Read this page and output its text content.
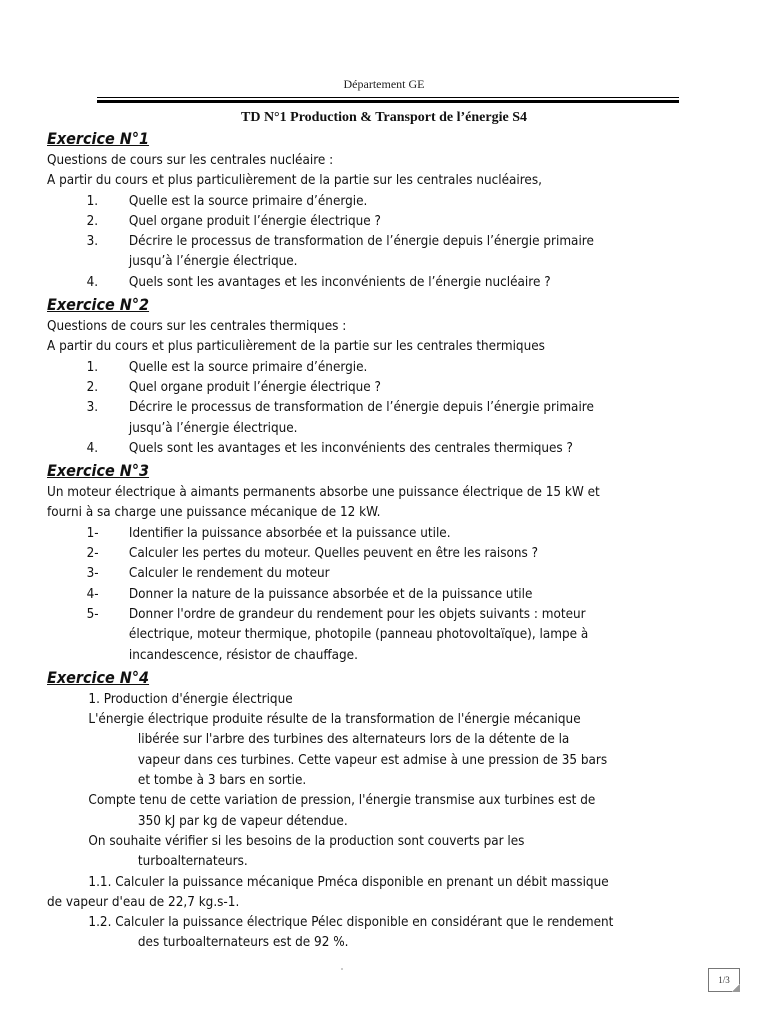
Département GE
TD N°1 Production & Transport de l’énergie S4
Exercice N°1
Questions de cours sur les centrales nucléaire :
A partir du cours et plus particulièrement de la partie sur les centrales nucléaires,
1. Quelle est la source primaire d’énergie.
2. Quel organe produit l’énergie électrique ?
3. Décrire le processus de transformation de l’énergie depuis l’énergie primaire
jusqu’à l’énergie électrique.
4. Quels sont les avantages et les inconvénients de l’énergie nucléaire ?
Exercice N°2
Questions de cours sur les centrales thermiques :
A partir du cours et plus particulièrement de la partie sur les centrales thermiques
1. Quelle est la source primaire d’énergie.
2. Quel organe produit l’énergie électrique ?
3. Décrire le processus de transformation de l’énergie depuis l’énergie primaire
jusqu’à l’énergie électrique.
4. Quels sont les avantages et les inconvénients des centrales thermiques ?
Exercice N°3
Un moteur électrique à aimants permanents absorbe une puissance électrique de 15 kW et
fourni à sa charge une puissance mécanique de 12 kW.
1- Identifier la puissance absorbée et la puissance utile.
2- Calculer les pertes du moteur. Quelles peuvent en être les raisons ?
3- Calculer le rendement du moteur
4- Donner la nature de la puissance absorbée et de la puissance utile
5- Donner l'ordre de grandeur du rendement pour les objets suivants : moteur
électrique, moteur thermique, photopile (panneau photovoltaïque), lampe à
incandescence, résistor de chauffage.
Exercice N°4
1. Production d'énergie électrique
L'énergie électrique produite résulte de la transformation de l'énergie mécanique
libérée sur l'arbre des turbines des alternateurs lors de la détente de la
vapeur dans ces turbines. Cette vapeur est admise à une pression de 35 bars
et tombe à 3 bars en sortie.
Compte tenu de cette variation de pression, l'énergie transmise aux turbines est de
350 kJ par kg de vapeur détendue.
On souhaite vérifier si les besoins de la production sont couverts par les
turboalternateurs.
1.1. Calculer la puissance mécanique Pméca disponible en prenant un débit massique
de vapeur d'eau de 22,7 kg.s-1.
1.2. Calculer la puissance électrique Pélec disponible en considérant que le rendement
des turboalternateurs est de 92 %.
1/3
